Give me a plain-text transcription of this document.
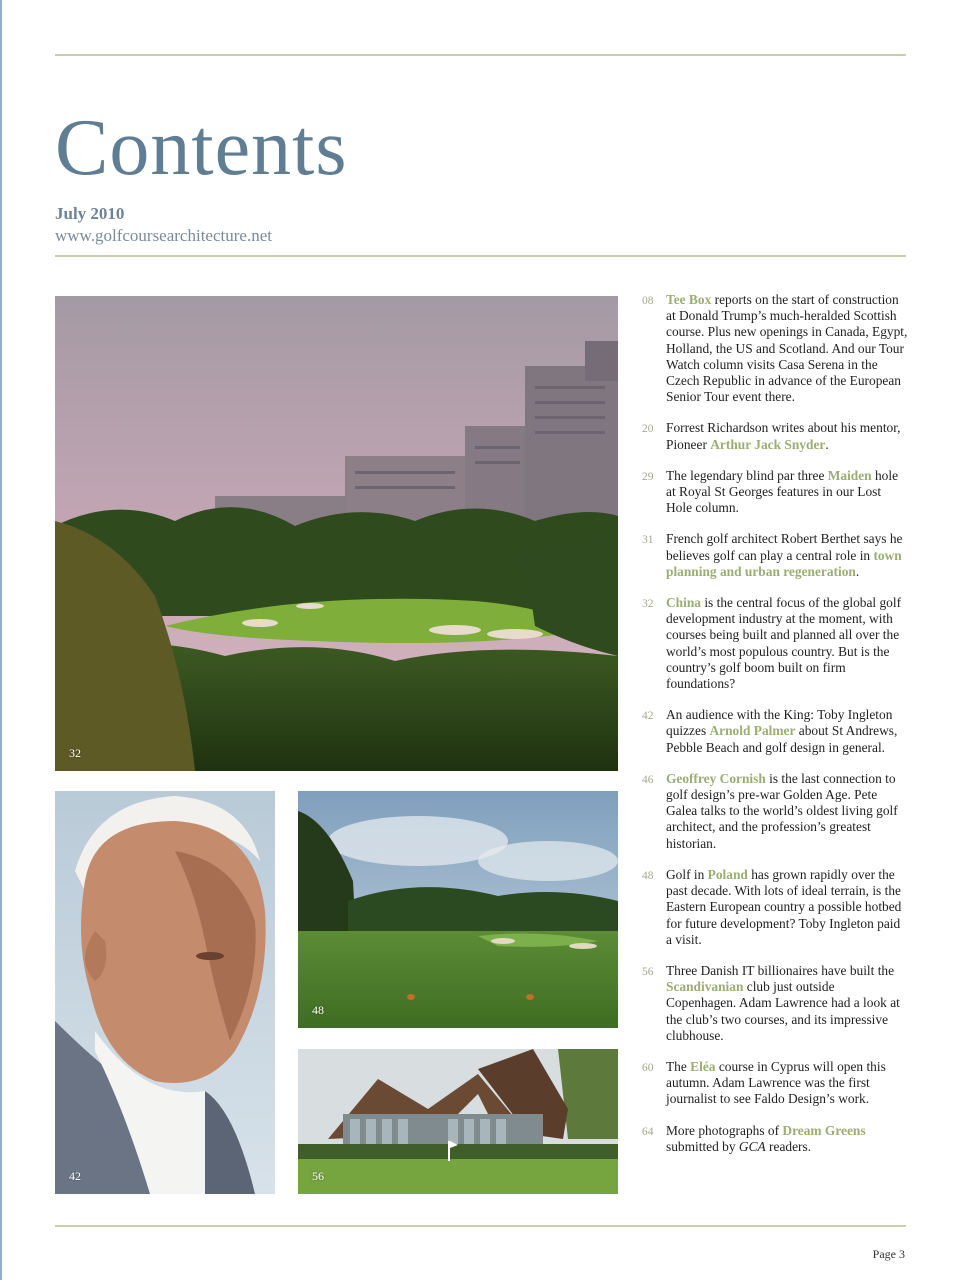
Contents
July 2010
www.golfcoursearchitecture.net
32
42
48
56
08 Tee Box reports on the start of construction at Donald Trump’s much-heralded Scottish course. Plus new openings in Canada, Egypt, Holland, the US and Scotland. And our Tour Watch column visits Casa Serena in the Czech Republic in advance of the European Senior Tour event there.
20 Forrest Richardson writes about his mentor, Pioneer Arthur Jack Snyder.
29 The legendary blind par three Maiden hole at Royal St Georges features in our Lost Hole column.
31 French golf architect Robert Berthet says he believes golf can play a central role in town planning and urban regeneration.
32 China is the central focus of the global golf development industry at the moment, with courses being built and planned all over the world’s most populous country. But is the country’s golf boom built on firm foundations?
42 An audience with the King: Toby Ingleton quizzes Arnold Palmer about St Andrews, Pebble Beach and golf design in general.
46 Geoffrey Cornish is the last connection to golf design’s pre-war Golden Age. Pete Galea talks to the world’s oldest living golf architect, and the profession’s greatest historian.
48 Golf in Poland has grown rapidly over the past decade. With lots of ideal terrain, is the Eastern European country a possible hotbed for future development? Toby Ingleton paid a visit.
56 Three Danish IT billionaires have built the Scandivanian club just outside Copenhagen. Adam Lawrence had a look at the club’s two courses, and its impressive clubhouse.
60 The Eléa course in Cyprus will open this autumn. Adam Lawrence was the first journalist to see Faldo Design’s work.
64 More photographs of Dream Greens submitted by GCA readers.
Page 3
